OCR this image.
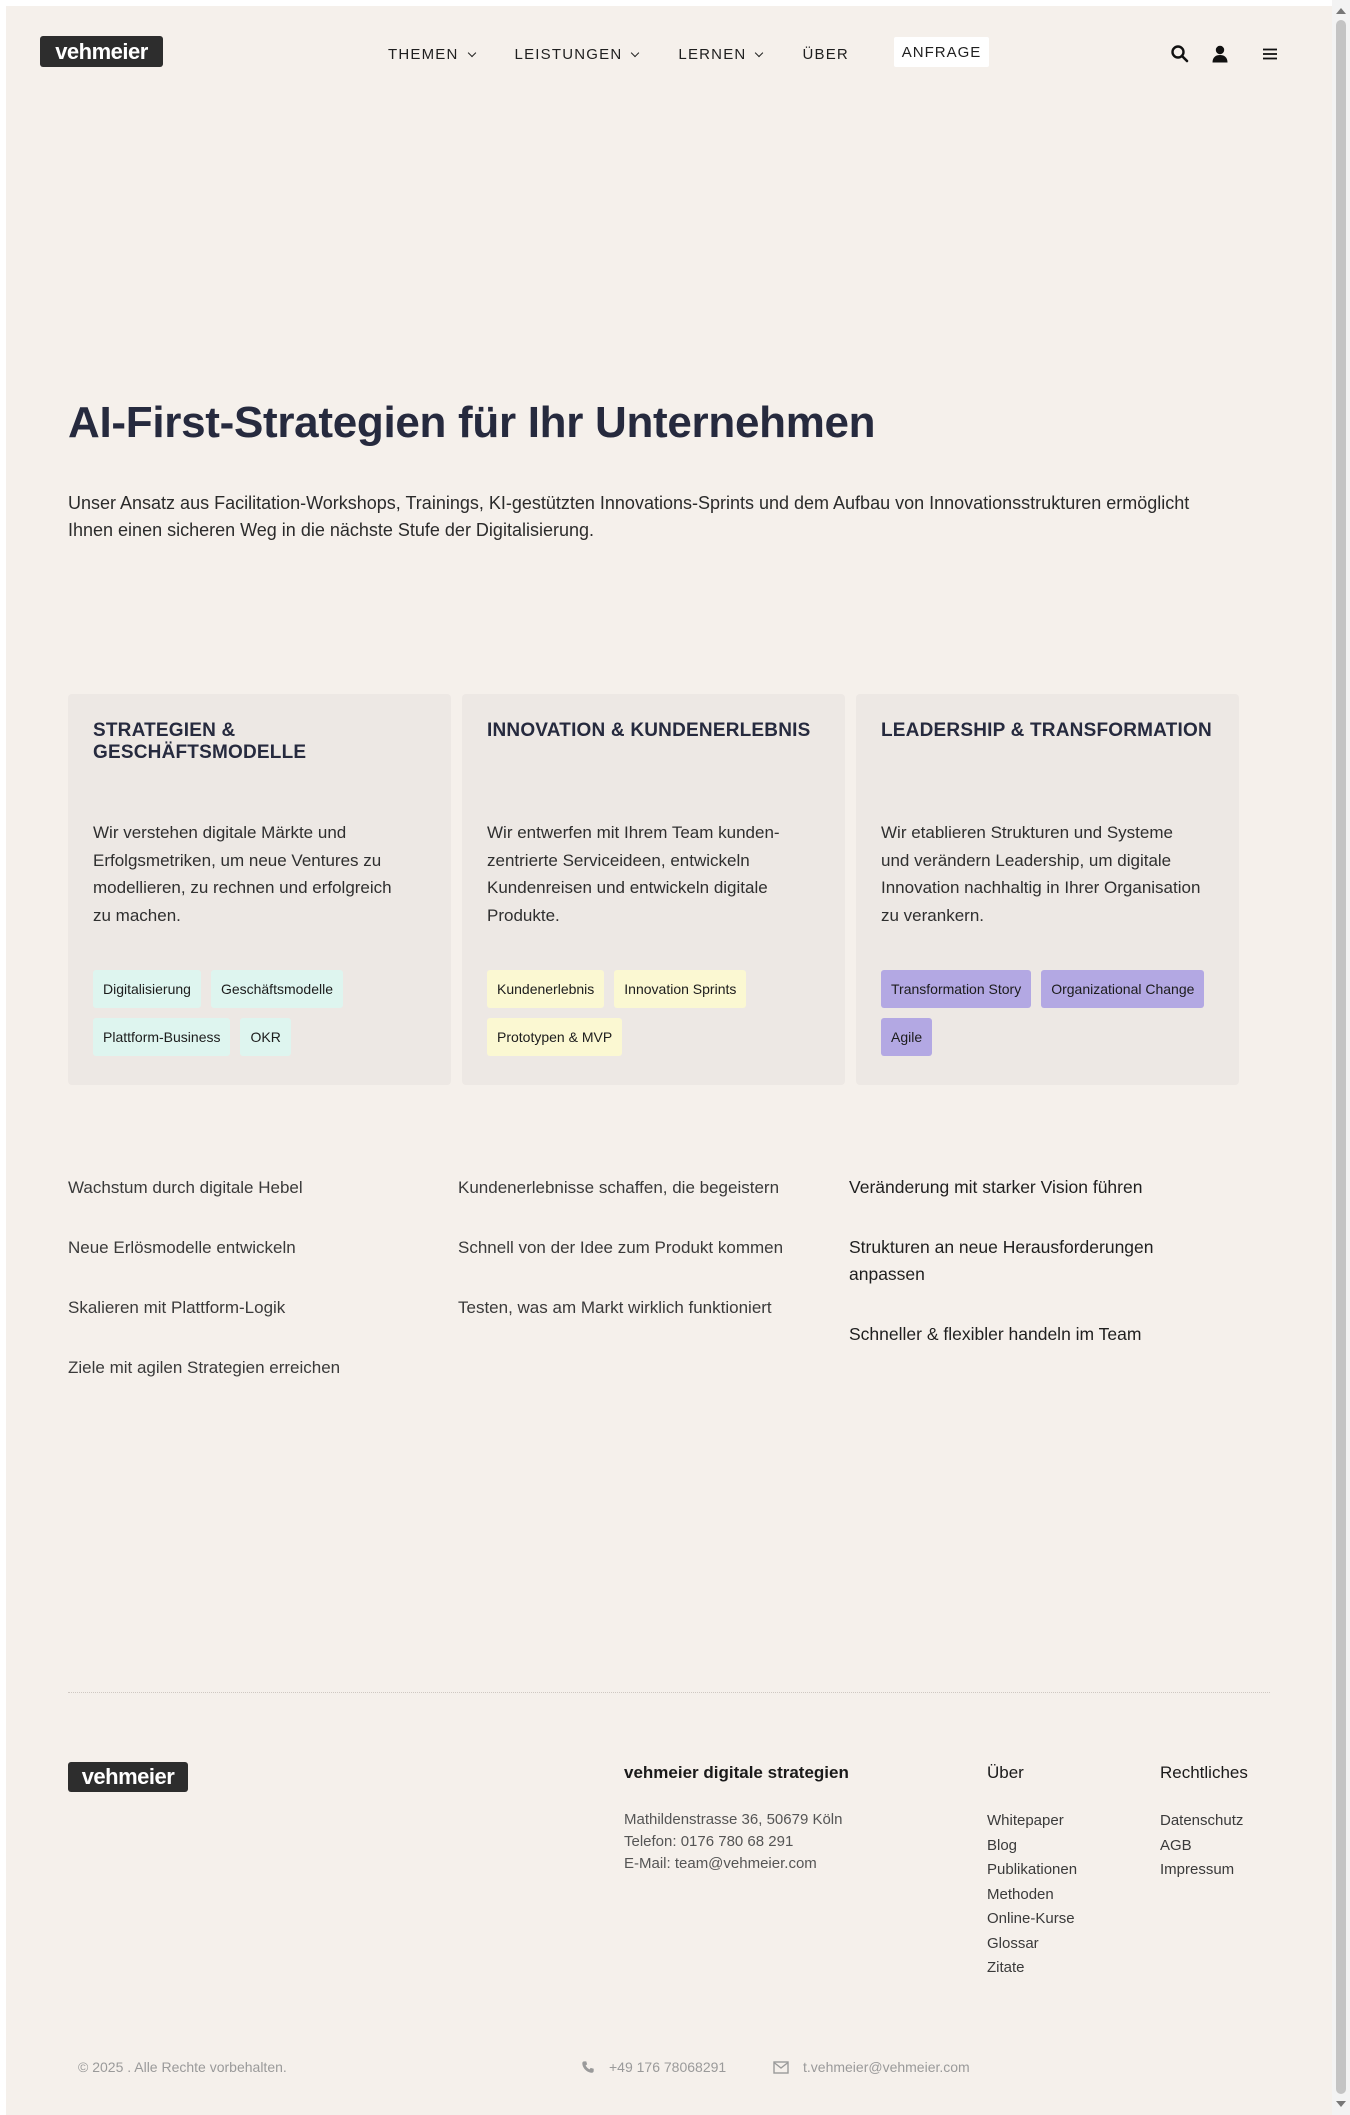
vehmeier	THEMEN	LEISTUNGEN	LERNEN	ÜBER	ANFRAGE
AI-First-Strategien für Ihr Unternehmen

Unser Ansatz aus Facilitation-Workshops, Trainings, KI-gestützten Innovations-Sprints und dem Aufbau von Innovationsstrukturen ermöglicht Ihnen einen sicheren Weg in die nächste Stufe der Digitalisierung.

STRATEGIEN & GESCHÄFTSMODELLE
Wir verstehen digitale Märkte und Erfolgsmetriken, um neue Ventures zu modellieren, zu rechnen und erfolgreich zu machen.
Digitalisierung	Geschäftsmodelle
Plattform-Business	OKR
INNOVATION & KUNDENERLEBNIS
Wir entwerfen mit Ihrem Team kunden-zentrierte Serviceideen, entwickeln Kundenreisen und entwickeln digitale Produkte.
Kundenerlebnis	Innovation Sprints
Prototypen & MVP
LEADERSHIP & TRANSFORMATION
Wir etablieren Strukturen und Systeme und verändern Leadership, um digitale Innovation nachhaltig in Ihrer Organisation zu verankern.
Transformation Story	Organizational Change
Agile
Wachstum durch digitale Hebel
Neue Erlösmodelle entwickeln
Skalieren mit Plattform-Logik
Ziele mit agilen Strategien erreichen
Kundenerlebnisse schaffen, die begeistern
Schnell von der Idee zum Produkt kommen
Testen, was am Markt wirklich funktioniert
Veränderung mit starker Vision führen
Strukturen an neue Herausforderungen anpassen
Schneller & flexibler handeln im Team
vehmeier	vehmeier digitale strategien
Mathildenstrasse 36, 50679 Köln
Telefon: 0176 780 68 291
E-Mail: team@vehmeier.com
Über
Whitepaper
Blog
Publikationen
Methoden
Online-Kurse
Glossar
Zitate
Rechtliches
Datenschutz
AGB
Impressum
© 2025 . Alle Rechte vorbehalten.	+49 176 78068291	t.vehmeier@vehmeier.com
